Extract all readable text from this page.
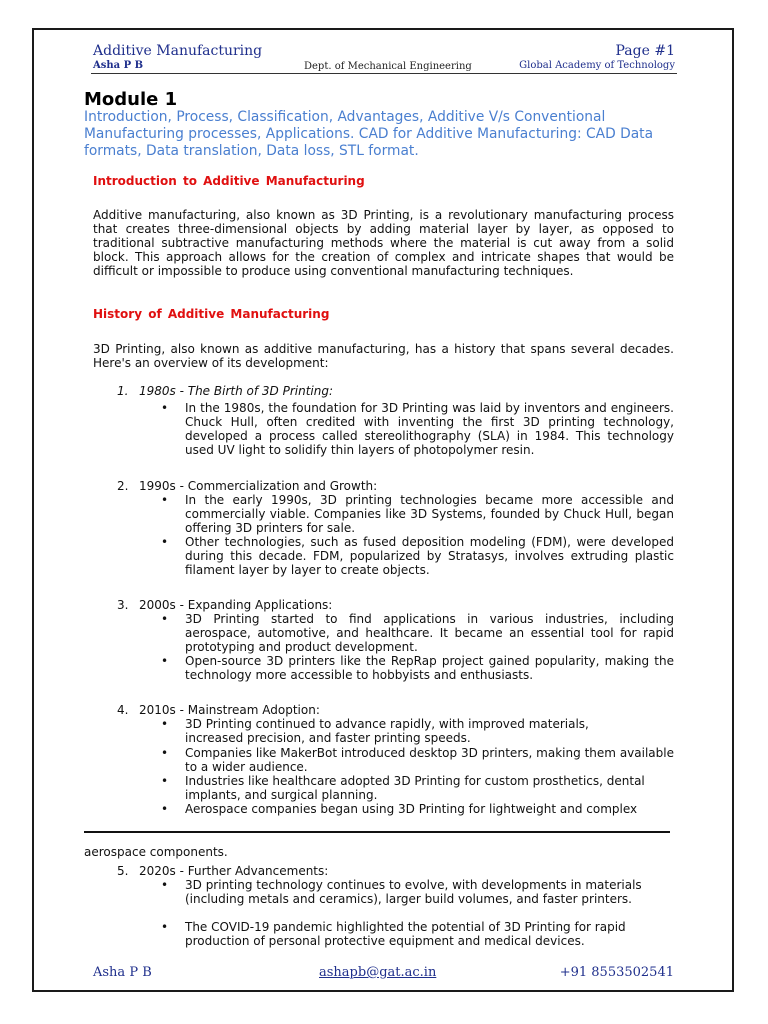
Additive Manufacturing	Page #1
Asha P B	Dept. of Mechanical Engineering	Global Academy of Technology
Module 1
Introduction, Process, Classification, Advantages, Additive V/s Conventional Manufacturing processes, Applications. CAD for Additive Manufacturing: CAD Data formats, Data translation, Data loss, STL format.
Introduction to Additive Manufacturing
Additive manufacturing, also known as 3D Printing, is a revolutionary manufacturing process that creates three-dimensional objects by adding material layer by layer, as opposed to traditional subtractive manufacturing methods where the material is cut away from a solid block. This approach allows for the creation of complex and intricate shapes that would be difficult or impossible to produce using conventional manufacturing techniques.
History of Additive Manufacturing
3D Printing, also known as additive manufacturing, has a history that spans several decades. Here's an overview of its development:
1. 1980s - The Birth of 3D Printing:
• In the 1980s, the foundation for 3D Printing was laid by inventors and engineers. Chuck Hull, often credited with inventing the first 3D printing technology, developed a process called stereolithography (SLA) in 1984. This technology used UV light to solidify thin layers of photopolymer resin.
2. 1990s - Commercialization and Growth:
• In the early 1990s, 3D printing technologies became more accessible and commercially viable. Companies like 3D Systems, founded by Chuck Hull, began offering 3D printers for sale.
• Other technologies, such as fused deposition modeling (FDM), were developed during this decade. FDM, popularized by Stratasys, involves extruding plastic filament layer by layer to create objects.
3. 2000s - Expanding Applications:
• 3D Printing started to find applications in various industries, including aerospace, automotive, and healthcare. It became an essential tool for rapid prototyping and product development.
• Open-source 3D printers like the RepRap project gained popularity, making the technology more accessible to hobbyists and enthusiasts.
4. 2010s - Mainstream Adoption:
• 3D Printing continued to advance rapidly, with improved materials, increased precision, and faster printing speeds.
• Companies like MakerBot introduced desktop 3D printers, making them available to a wider audience.
• Industries like healthcare adopted 3D Printing for custom prosthetics, dental implants, and surgical planning.
• Aerospace companies began using 3D Printing for lightweight and complex
aerospace components.
5. 2020s - Further Advancements:
• 3D printing technology continues to evolve, with developments in materials (including metals and ceramics), larger build volumes, and faster printers.
• The COVID-19 pandemic highlighted the potential of 3D Printing for rapid production of personal protective equipment and medical devices.
Asha P B	ashapb@gat.ac.in	+91 8553502541
